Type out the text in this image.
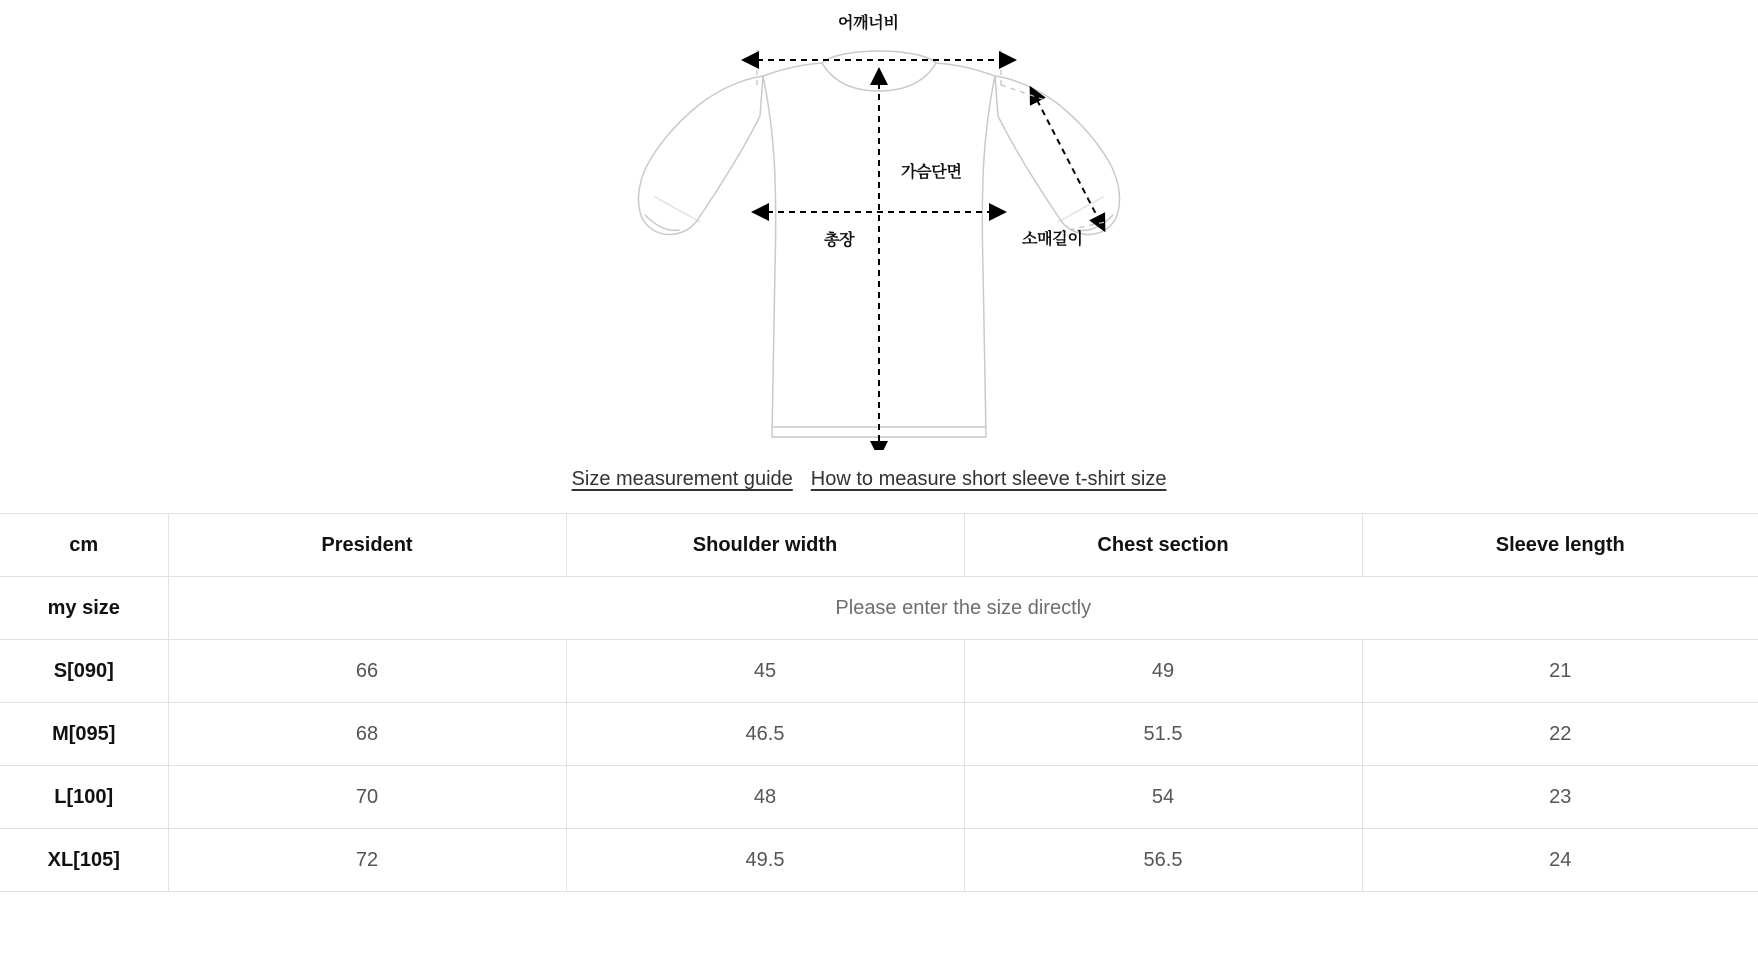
어깨너비
가슴단면
총장	소매길이
Size measurement guide How to measure short sleeve t-shirt size
cm	President	Shoulder width	Chest section	Sleeve length
my size	Please enter the size directly			
S[090]	66	45	49	21
M[095]	68	46.5	51.5	22
L[100]	70	48	54	23
XL[105]	72	49.5	56.5	24
